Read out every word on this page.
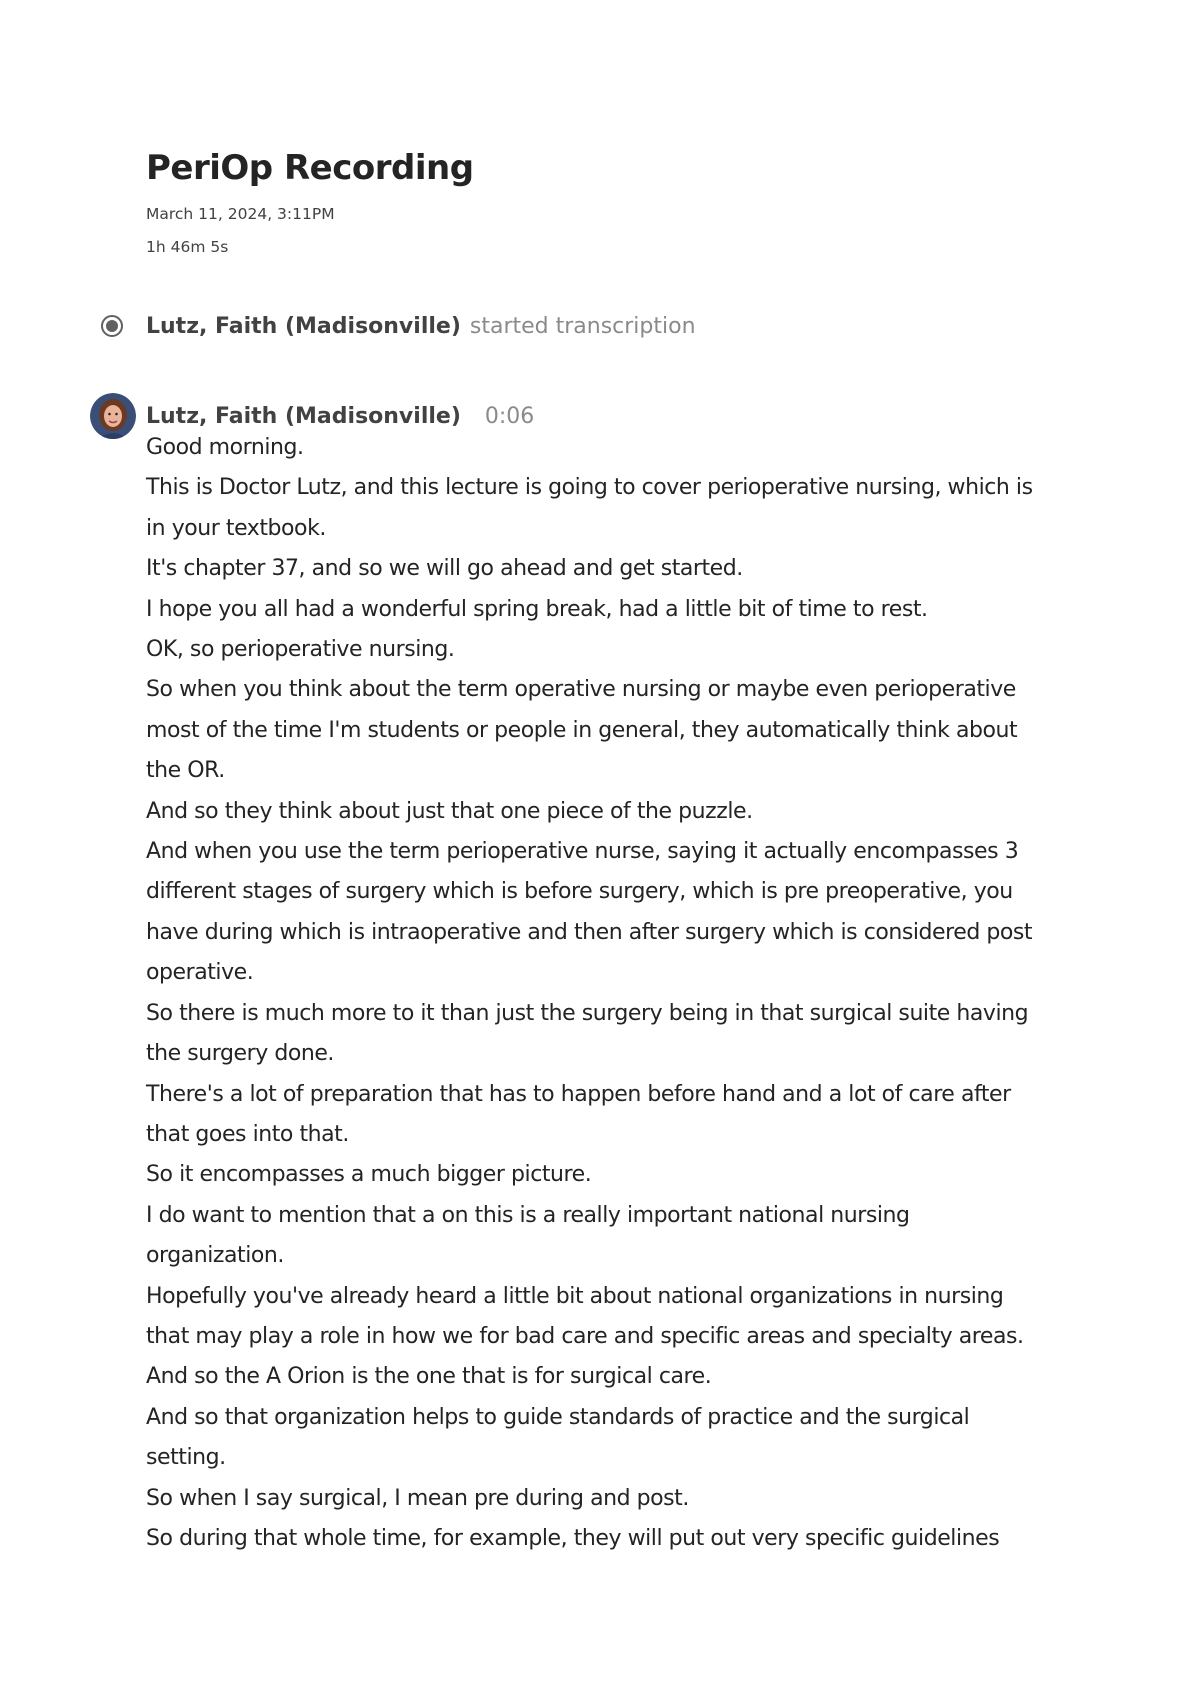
PeriOp Recording
March 11, 2024, 3:11PM
1h 46m 5s
Lutz, Faith (Madisonville) started transcription
Lutz, Faith (Madisonville) 0:06

Good morning.

This is Doctor Lutz, and this lecture is going to cover perioperative nursing, which is in your textbook.

It's chapter 37, and so we will go ahead and get started.

I hope you all had a wonderful spring break, had a little bit of time to rest.

OK, so perioperative nursing.

So when you think about the term operative nursing or maybe even perioperative most of the time I'm students or people in general, they automatically think about the OR.

And so they think about just that one piece of the puzzle.

And when you use the term perioperative nurse, saying it actually encompasses 3 different stages of surgery which is before surgery, which is pre preoperative, you have during which is intraoperative and then after surgery which is considered post operative.

So there is much more to it than just the surgery being in that surgical suite having the surgery done.

There's a lot of preparation that has to happen before hand and a lot of care after that goes into that.

So it encompasses a much bigger picture.

I do want to mention that a on this is a really important national nursing organization.

Hopefully you've already heard a little bit about national organizations in nursing that may play a role in how we for bad care and specific areas and specialty areas.

And so the A Orion is the one that is for surgical care.

And so that organization helps to guide standards of practice and the surgical setting.

So when I say surgical, I mean pre during and post.

So during that whole time, for example, they will put out very specific guidelines
